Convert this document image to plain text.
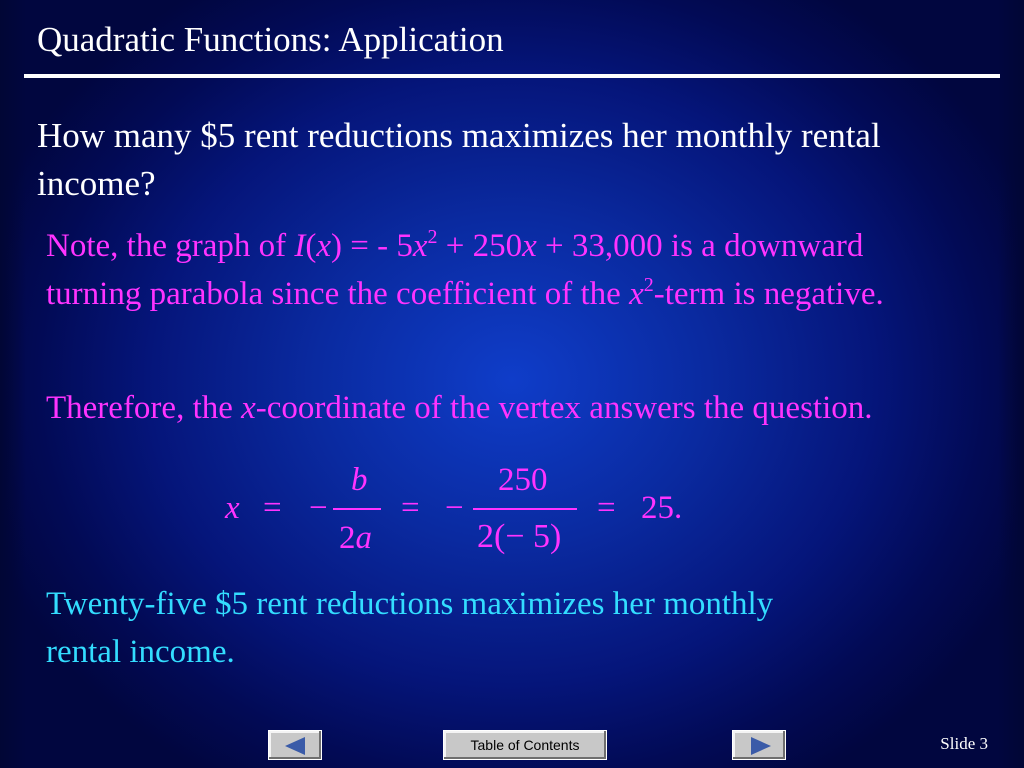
Quadratic Functions: Application
How many $5 rent reductions maximizes her monthly rental income?
Note, the graph of I(x) = - $5x^2 + 250x + 33,000$ is a downward turning parabola since the coefficient of the $x^2$-term is negative.
Therefore, the x-coordinate of the vertex answers the question.
x = −
b
2a
= −
250
2(− 5)
= 25.
Twenty-five $5 rent reductions maximizes her monthly rental income.
Table of Contents	Slide 3
